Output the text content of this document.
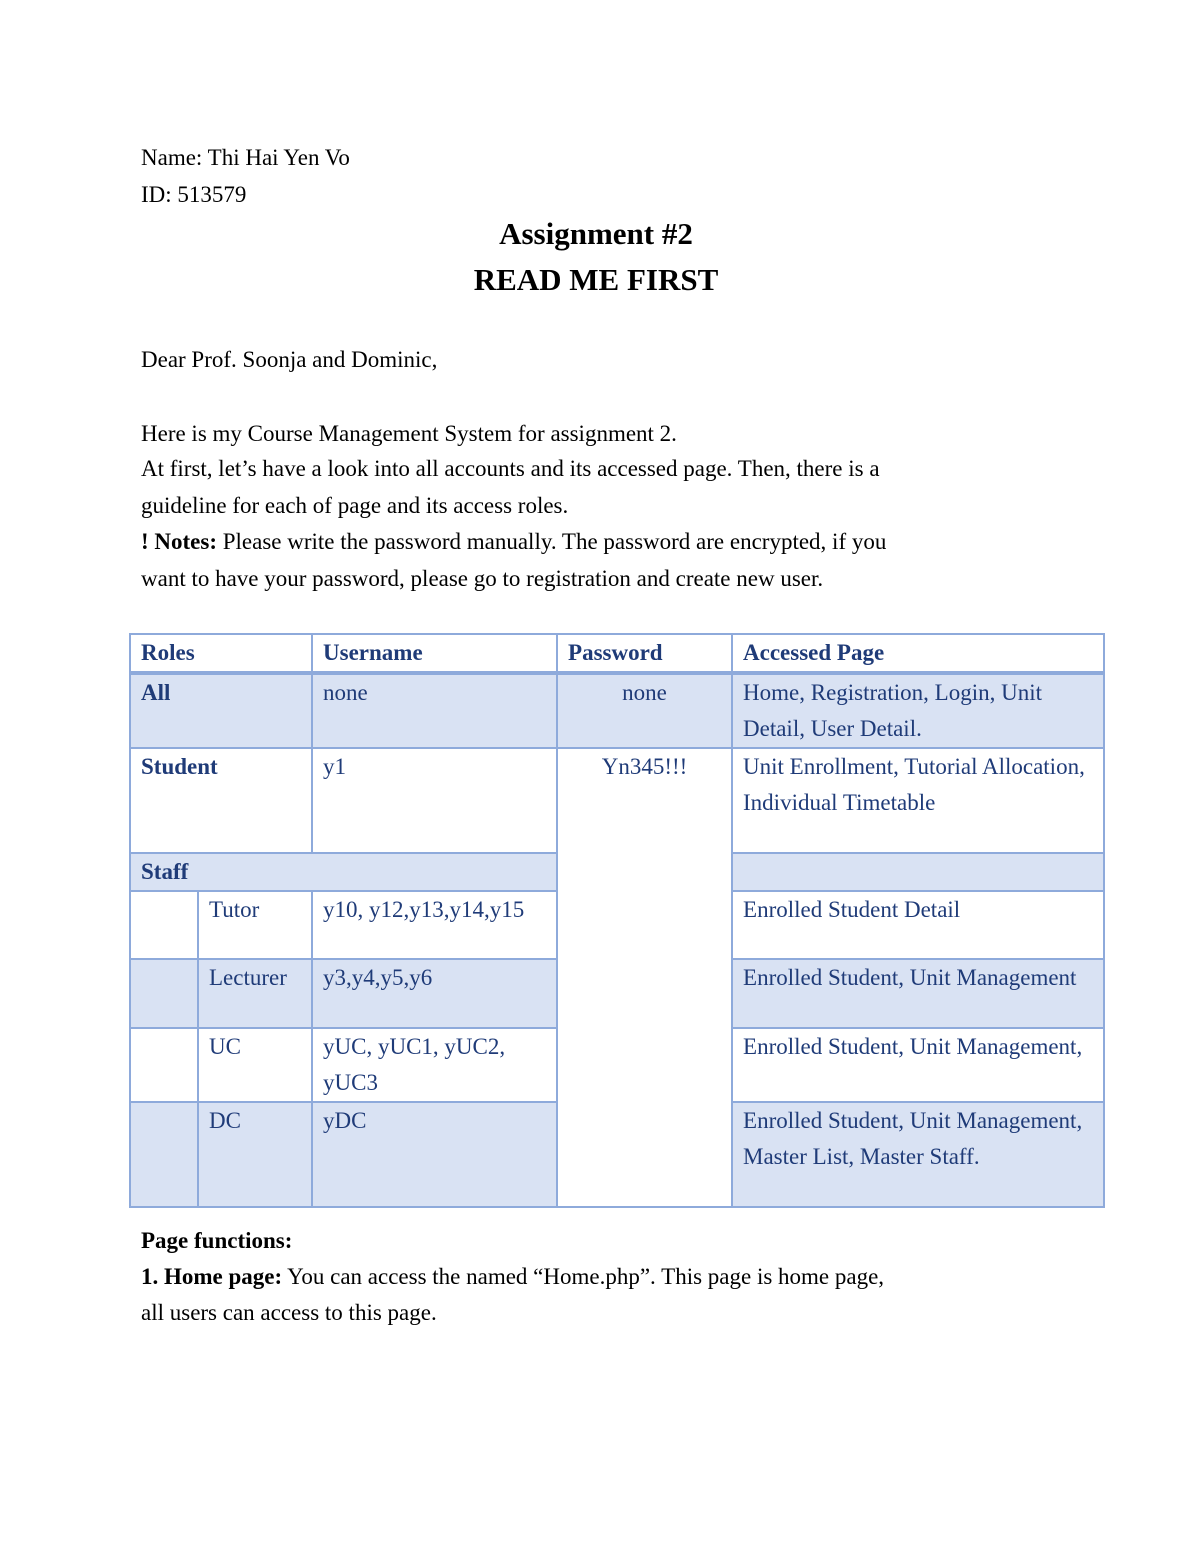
Name: Thi Hai Yen Vo
ID: 513579
Assignment #2
READ ME FIRST
Dear Prof. Soonja and Dominic,
Here is my Course Management System for assignment 2.
At first, let’s have a look into all accounts and its accessed page. Then, there is a
guideline for each of page and its access roles.
! Notes: Please write the password manually. The password are encrypted, if you
want to have your password, please go to registration and create new user.
Roles		Username	Password	Accessed Page
All		none	none	Home, Registration, Login, Unit Detail, User Detail.
Student		y1	Yn345!!!	Unit Enrollment, Tutorial Allocation, Individual Timetable
Staff				
	Tutor	y10, y12,y13,y14,y15		Enrolled Student Detail
	Lecturer	y3,y4,y5,y6		Enrolled Student, Unit Management
	UC	yUC, yUC1, yUC2, yUC3		Enrolled Student, Unit Management,
	DC	yDC		Enrolled Student, Unit Management, Master List, Master Staff.
Page functions:
1. Home page: You can access the named “Home.php”. This page is home page,
all users can access to this page.
